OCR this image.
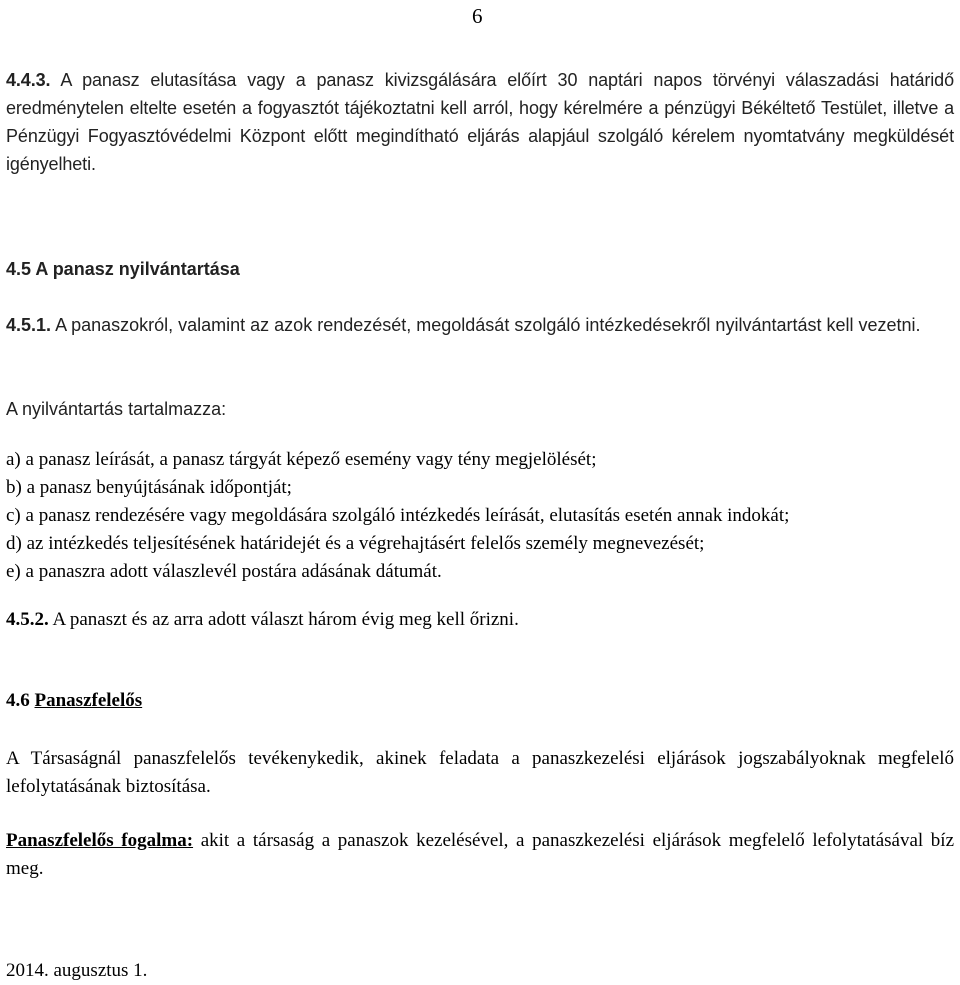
6

4.4.3. A panasz elutasítása vagy a panasz kivizsgálására előírt 30 naptári napos törvényi válaszadási határidő eredménytelen eltelte esetén a fogyasztót tájékoztatni kell arról, hogy kérelmére a pénzügyi Békéltető Testület, illetve a Pénzügyi Fogyasztóvédelmi Központ előtt megindítható eljárás alapjául szolgáló kérelem nyomtatvány megküldését igényelheti.

4.5 A panasz nyilvántartása

4.5.1. A panaszokról, valamint az azok rendezését, megoldását szolgáló intézkedésekről nyilvántartást kell vezetni.

A nyilvántartás tartalmazza:

a) a panasz leírását, a panasz tárgyát képező esemény vagy tény megjelölését;
b) a panasz benyújtásának időpontját;
c) a panasz rendezésére vagy megoldására szolgáló intézkedés leírását, elutasítás esetén annak indokát;
d) az intézkedés teljesítésének határidejét és a végrehajtásért felelős személy megnevezését;
e) a panaszra adott válaszlevél postára adásának dátumát.

4.5.2. A panaszt és az arra adott választ három évig meg kell őrizni.

4.6 Panaszfelelős

A Társaságnál panaszfelelős tevékenykedik, akinek feladata a panaszkezelési eljárások jogszabályoknak megfelelő lefolytatásának biztosítása.

Panaszfelelős fogalma: akit a társaság a panaszok kezelésével, a panaszkezelési eljárások megfelelő lefolytatásával bíz meg.

2014. augusztus 1.
